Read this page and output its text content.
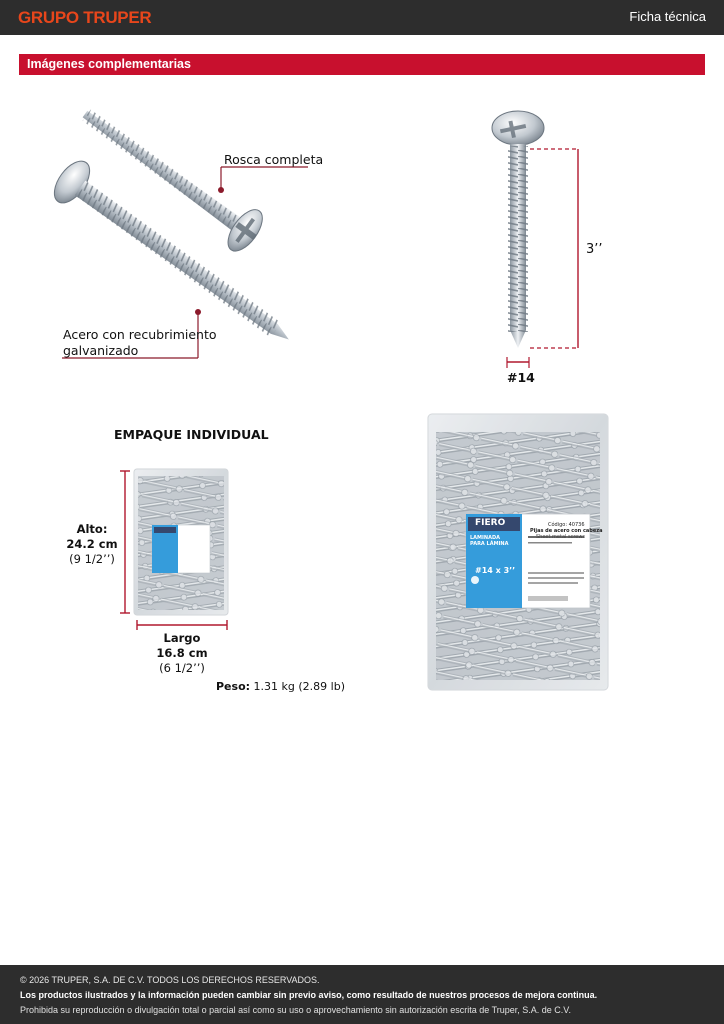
GRUPO TRUPER	Ficha técnica
Imágenes complementarias
FIERO
LAMINADA
PARA LÁMINA
#14 x 3’’
Código: 40736
Pijas de acero con cabeza
Sheet metal screws
Rosca completa
Acero con recubrimiento
galvanizado
3’’
#14
EMPAQUE INDIVIDUAL
Alto:
24.2 cm
(9 1/2’’)
Largo
16.8 cm
(6 1/2’’)
Peso: 1.31 kg (2.89 lb)
© 2026 TRUPER, S.A. DE C.V. TODOS LOS DERECHOS RESERVADOS.
Los productos ilustrados y la información pueden cambiar sin previo aviso, como resultado de nuestros procesos de mejora continua.
Prohibida su reproducción o divulgación total o parcial así como su uso o aprovechamiento sin autorización escrita de Truper, S.A. de C.V.
